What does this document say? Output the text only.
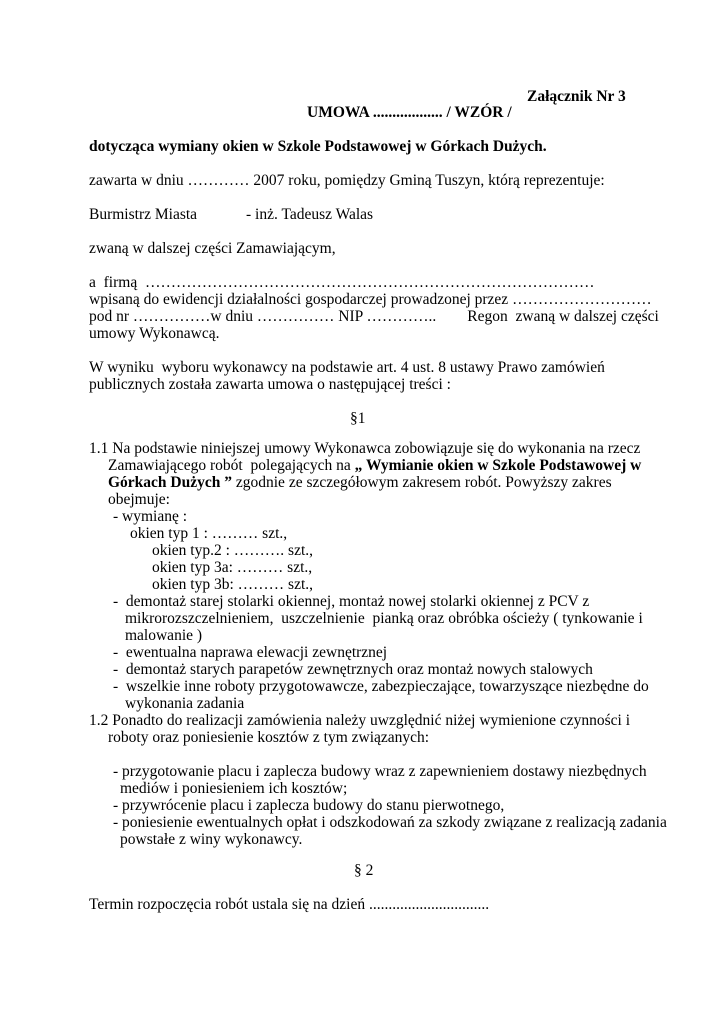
Załącznik Nr 3
UMOWA .................. / WZÓR /
dotycząca wymiany okien w Szkole Podstawowej w Górkach Dużych.
zawarta w dniu ………… 2007 roku, pomiędzy Gminą Tuszyn, którą reprezentuje:
Burmistrz Miasta	- inż. Tadeusz Walas
zwaną w dalszej części Zamawiającym,
a  firmą  ……………………………………………………………………………
wpisaną do ewidencji działalności gospodarczej prowadzonej przez ………………………
pod nr ……………w dniu …………… NIP …………..        Regon  zwaną w dalszej części
umowy Wykonawcą.
W wyniku  wyboru wykonawcy na podstawie art. 4 ust. 8 ustawy Prawo zamówień
publicznych została zawarta umowa o następującej treści :
§1
1.1 Na podstawie niniejszej umowy Wykonawca zobowiązuje się do wykonania na rzecz
Zamawiającego robót  polegających na „ Wymianie okien w Szkole Podstawowej w
Górkach Dużych ” zgodnie ze szczegółowym zakresem robót. Powyższy zakres
obejmuje:
- wymianę :
okien typ 1 : ……… szt.,
okien typ.2 : ………. szt.,
okien typ 3a: ……… szt.,
okien typ 3b: ……… szt.,
-  demontaż starej stolarki okiennej, montaż nowej stolarki okiennej z PCV z
mikrorozszczelnieniem,  uszczelnienie  pianką oraz obróbka ościeży ( tynkowanie i
malowanie )
-  ewentualna naprawa elewacji zewnętrznej
-  demontaż starych parapetów zewnętrznych oraz montaż nowych stalowych
-  wszelkie inne roboty przygotowawcze, zabezpieczające, towarzyszące niezbędne do
wykonania zadania
1.2 Ponadto do realizacji zamówienia należy uwzględnić niżej wymienione czynności i
roboty oraz poniesienie kosztów z tym związanych:
- przygotowanie placu i zaplecza budowy wraz z zapewnieniem dostawy niezbędnych
mediów i poniesieniem ich kosztów;
- przywrócenie placu i zaplecza budowy do stanu pierwotnego,
- poniesienie ewentualnych opłat i odszkodowań za szkody związane z realizacją zadania
powstałe z winy wykonawcy.
§ 2
Termin rozpoczęcia robót ustala się na dzień ...............................
